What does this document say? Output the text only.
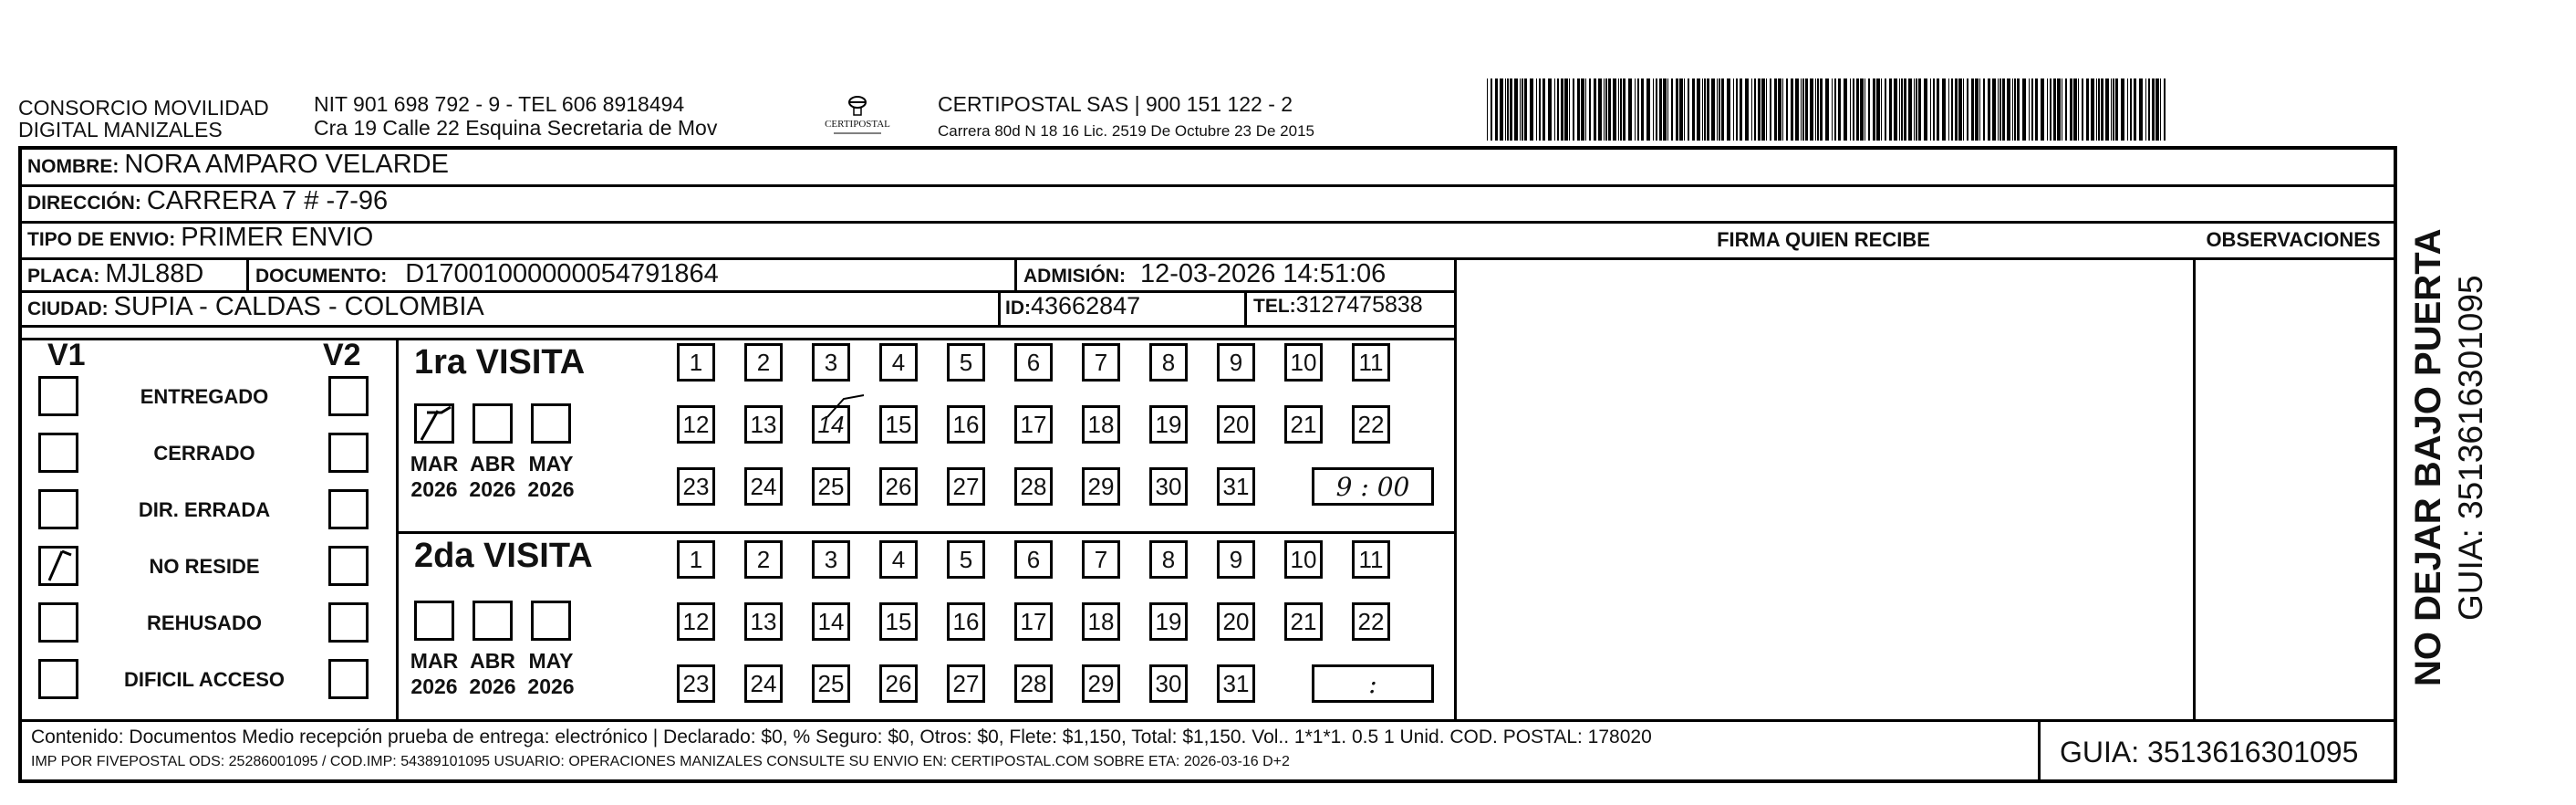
CONSORCIO MOVILIDAD
DIGITAL MANIZALES
NIT 901 698 792 - 9 - TEL 606 8918494
Cra 19 Calle 22 Esquina Secretaria de Mov	CERTIPOSTAL
CERTIPOSTAL SAS | 900 151 122 - 2
Carrera 80d N 18 16 Lic. 2519 De Octubre 23 De 2015
NOMBRE: NORA AMPARO VELARDE
DIRECCIÓN: CARRERA 7 # -7-96
TIPO DE ENVIO: PRIMER ENVIO	FIRMA QUIEN RECIBE	OBSERVACIONES
PLACA: MJL88D	DOCUMENTO: D17001000000054791864	ADMISIÓN: 12-03-2026 14:51:06
CIUDAD: SUPIA - CALDAS - COLOMBIA	ID: 43662847	TEL: 3127475838
V1	V2
ENTREGADO
CERRADO
DIR. ERRADA
NO RESIDE
REHUSADO
DIFICIL ACCESO
1ra VISITA
2da VISITA
MAR
2026
ABR
2026
MAY
2026
1 2 3 4 5 6 7 8 9 10 11
12 13 14 15 16 17 18 19 20 21 22
23 24 25 26 27 28 29 30 31	9 : 00
MAR
2026
ABR
2026
MAY
2026
1 2 3 4 5 6 7 8 9 10 11
12 13 14 15 16 17 18 19 20 21 22
23 24 25 26 27 28 29 30 31	:
Contenido: Documentos Medio recepción prueba de entrega: electrónico | Declarado: $0, % Seguro: $0, Otros: $0, Flete: $1,150, Total: $1,150. Vol.. 1*1*1. 0.5 1 Unid. COD. POSTAL: 178020
IMP POR FIVEPOSTAL ODS: 25286001095 / COD.IMP: 54389101095 USUARIO: OPERACIONES MANIZALES CONSULTE SU ENVIO EN: CERTIPOSTAL.COM SOBRE ETA: 2026-03-16 D+2	GUIA: 3513616301095
NO DEJAR BAJO PUERTA GUIA: 3513616301095
